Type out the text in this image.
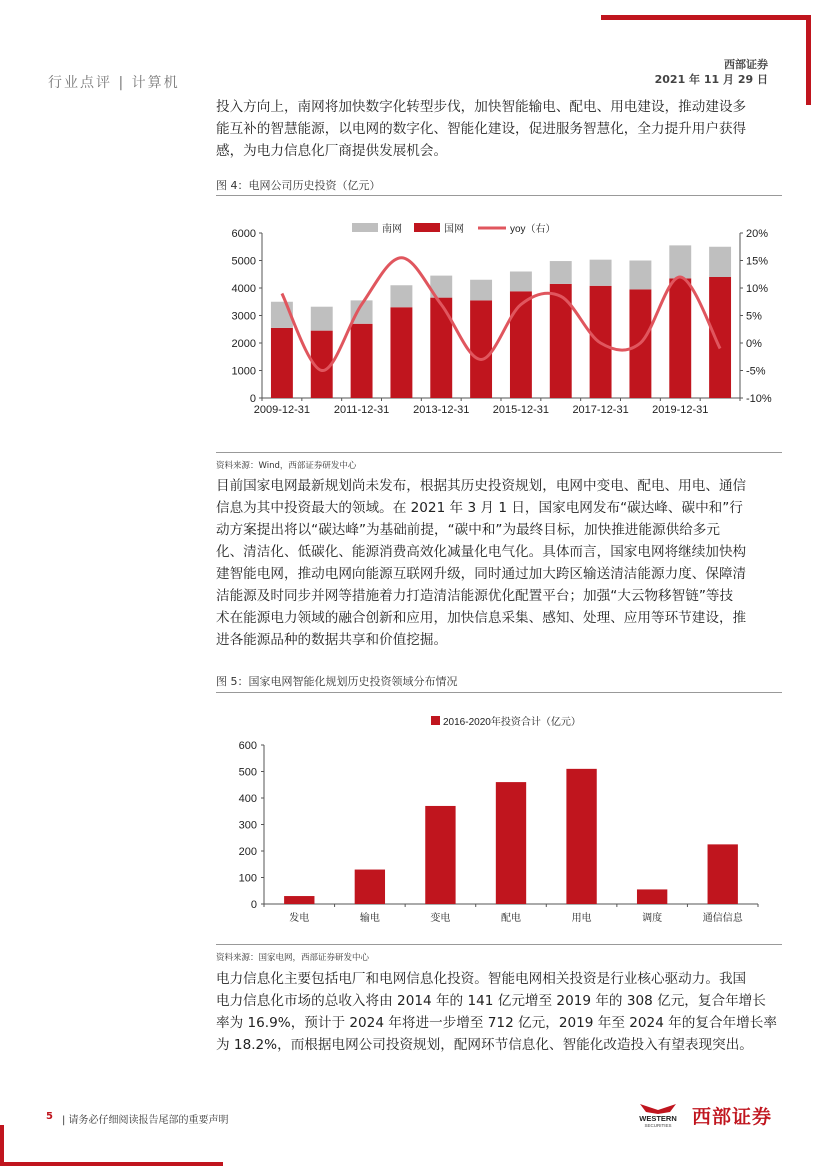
行业点评 | 计算机
西部证券
2021 年 11 月 29 日
投入方向上，南网将加快数字化转型步伐，加快智能输电、配电、用电建设，推动建设多
能互补的智慧能源，以电网的数字化、智能化建设，促进服务智慧化，全力提升用户获得
感，为电力信息化厂商提供发展机会。
图 4：电网公司历史投资（亿元）
南网	国网	yoy（右）
0
1000
2000
3000
4000
5000
6000
-10%
-5%
0%
5%
10%
15%
20%
2009-12-31 2011-12-31 2013-12-31 2015-12-31 2017-12-31 2019-12-31
资料来源：Wind，西部证券研发中心
目前国家电网最新规划尚未发布，根据其历史投资规划，电网中变电、配电、用电、通信
信息为其中投资最大的领域。在 2021 年 3 月 1 日，国家电网发布“碳达峰、碳中和”行
动方案提出将以“碳达峰”为基础前提，“碳中和”为最终目标，加快推进能源供给多元
化、清洁化、低碳化、能源消费高效化减量化电气化。具体而言，国家电网将继续加快构
建智能电网，推动电网向能源互联网升级，同时通过加大跨区输送清洁能源力度、保障清
洁能源及时同步并网等措施着力打造清洁能源优化配置平台；加强“大云物移智链”等技
术在能源电力领域的融合创新和应用，加快信息采集、感知、处理、应用等环节建设，推
进各能源品种的数据共享和价值挖掘。
图 5：国家电网智能化规划历史投资领域分布情况
2016-2020年投资合计（亿元）
0
100
200
300
400
500
600
发电	输电	变电	配电	用电	调度	通信信息
资料来源：国家电网，西部证券研发中心
电力信息化主要包括电厂和电网信息化投资。智能电网相关投资是行业核心驱动力。我国
电力信息化市场的总收入将由 2014 年的 141 亿元增至 2019 年的 308 亿元，复合年增长
率为 16.9%，预计于 2024 年将进一步增至 712 亿元，2019 年至 2024 年的复合年增长率
为 18.2%，而根据电网公司投资规划，配网环节信息化、智能化改造投入有望表现突出。
5 | 请务必仔细阅读报告尾部的重要声明	WESTERN
SECURITIES 西部证券
